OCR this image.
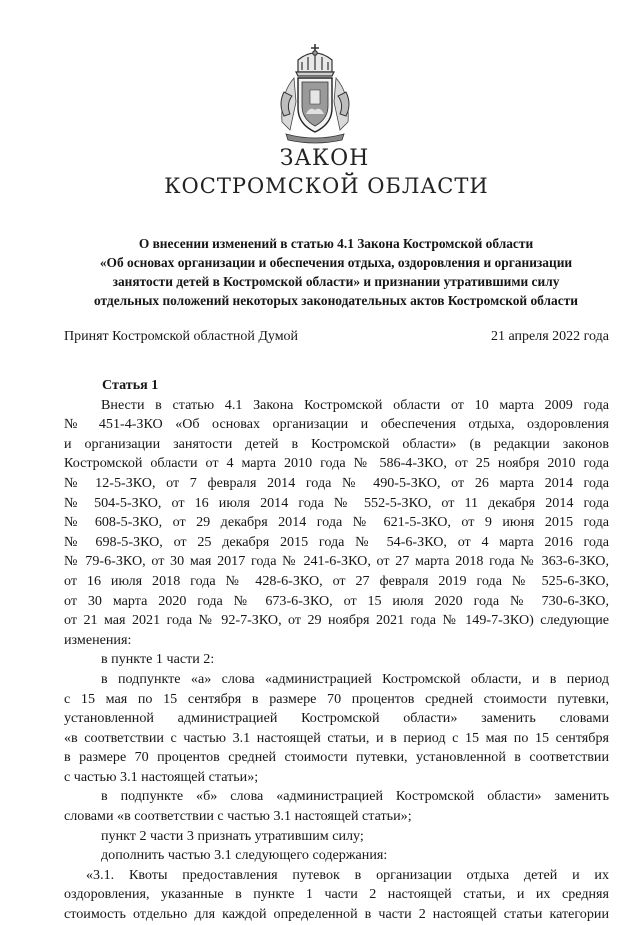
ЗАКОН
КОСТРОМСКОЙ ОБЛАСТИ
О внесении изменений в статью 4.1 Закона Костромской области
«Об основах организации и обеспечения отдыха, оздоровления и организации
занятости детей в Костромской области» и признании утратившими силу
отдельных положений некоторых законодательных актов Костромской области
Принят Костромской областной Думой	21 апреля 2022 года
Статья 1
Внести в статью 4.1 Закона Костромской области от 10 марта 2009 года
№ 451-4-ЗКО «Об основах организации и обеспечения отдыха, оздоровления
и организации занятости детей в Костромской области» (в редакции законов
Костромской области от 4 марта 2010 года № 586-4-ЗКО, от 25 ноября 2010 года
№ 12-5-ЗКО, от 7 февраля 2014 года № 490-5-ЗКО, от 26 марта 2014 года
№ 504-5-ЗКО, от 16 июля 2014 года № 552-5-ЗКО, от 11 декабря 2014 года
№ 608-5-ЗКО, от 29 декабря 2014 года № 621-5-ЗКО, от 9 июня 2015 года
№ 698-5-ЗКО, от 25 декабря 2015 года № 54-6-ЗКО, от 4 марта 2016 года
№ 79-6-ЗКО, от 30 мая 2017 года № 241-6-ЗКО, от 27 марта 2018 года № 363-6-ЗКО,
от 16 июля 2018 года № 428-6-ЗКО, от 27 февраля 2019 года № 525-6-ЗКО,
от 30 марта 2020 года № 673-6-ЗКО, от 15 июля 2020 года № 730-6-ЗКО,
от 21 мая 2021 года № 92-7-ЗКО, от 29 ноября 2021 года № 149-7-ЗКО) следующие
изменения:
в пункте 1 части 2:
в подпункте «а» слова «администрацией Костромской области, и в период
с 15 мая по 15 сентября в размере 70 процентов средней стоимости путевки,
установленной администрацией Костромской области» заменить словами
«в соответствии с частью 3.1 настоящей статьи, и в период с 15 мая по 15 сентября
в размере 70 процентов средней стоимости путевки, установленной в соответствии
с частью 3.1 настоящей статьи»;
в подпункте «б» слова «администрацией Костромской области» заменить
словами «в соответствии с частью 3.1 настоящей статьи»;
пункт 2 части 3 признать утратившим силу;
дополнить частью 3.1 следующего содержания:
«3.1. Квоты предоставления путевок в организации отдыха детей и их
оздоровления, указанные в пункте 1 части 2 настоящей статьи, и их средняя
стоимость отдельно для каждой определенной в части 2 настоящей статьи категории
